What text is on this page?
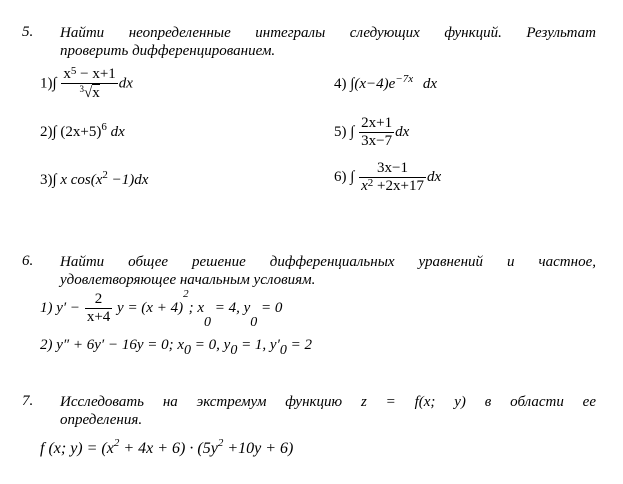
5. Найти неопределенные интегралы следующих функций. Результат
проверить дифференцированием.
$1)\int \frac{x^5 - x+1}{^3√x}$ dx	4) $\int(x-4)e^{-7x}$ dx
2)∫ $(2x+5)^6$ dx	5) ∫ $\frac{2x+1}{3x-7}$ dx
3)∫ x $\cos(x^2 -1)dx$	6) ∫ $\frac{3x-1}{x^2 +2x+17}$ dx
6. Найти общее решение дифференциальных уравнений и частное,
удовлетворяющее начальным условиям.
1) $y' - \frac{2}{x+4}$ $y = (x + 4)^2$; $x_0 = 4$, $y_0 = 0$
2) y″ + 6y′ − 16y = 0; $x_0 = 0$, $y_0 = 1$, $y'_0 = 2$
7. Исследовать на экстремум функцию z = f(x; y) в области ее
определения.
f (x; $y) = (x^2 + 4x + 6) \cdot (5y^2 +10y + 6)$
